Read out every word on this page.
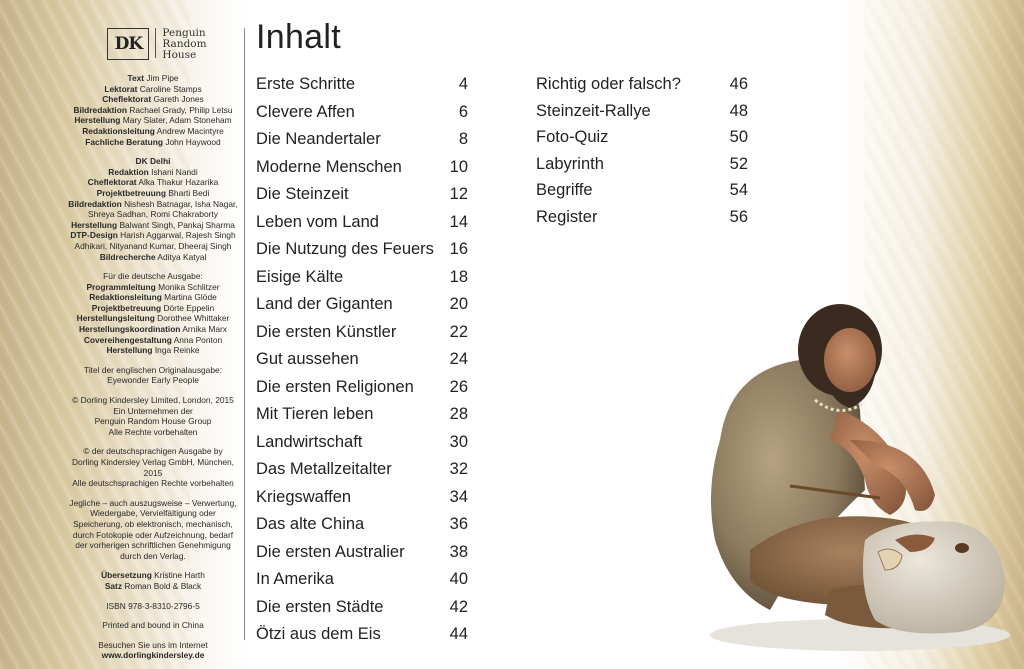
DK
Penguin
Random
House

Text Jim Pipe

Lektorat Caroline Stamps

Cheflektorat Gareth Jones

Bildredaktion Rachael Grady, Philip Letsu

Herstellung Mary Slater, Adam Stoneham

Redaktionsleitung Andrew Macintyre

Fachliche Beratung John Haywood

DK Delhi

Redaktion Ishani Nandi

Cheflektorat Alka Thakur Hazarika

Projektbetreuung Bharti Bedi

Bildredaktion Nishesh Batnagar, Isha Nagar, Shreya Sadhan, Romi Chakraborty

Herstellung Balwant Singh, Pankaj Sharma

DTP-Design Harish Aggarwal, Rajesh Singh Adhikari, Nityanand Kumar, Dheeraj Singh

Bildrecherche Aditya Katyal

Für die deutsche Ausgabe:

Programmleitung Monika Schlitzer

Redaktionsleitung Martina Glöde

Projektbetreuung Dörte Eppelin

Herstellungsleitung Dorothee Whittaker

Herstellungskoordination Arnika Marx

Covereihengestaltung Anna Ponton

Herstellung Inga Reinke

Titel der englischen Originalausgabe:

Eyewonder Early People

© Dorling Kindersley Limited, London, 2015

Ein Unternehmen der

Penguin Random House Group

Alle Rechte vorbehalten

© der deutschsprachigen Ausgabe by

Dorling Kindersley Verlag GmbH, München, 2015

Alle deutschsprachigen Rechte vorbehalten

Jegliche – auch auszugsweise – Verwertung, Wiedergabe, Vervielfältigung oder Speicherung, ob elektronisch, mechanisch, durch Fotokopie oder Aufzeichnung, bedarf der vorherigen schriftlichen Genehmigung durch den Verlag.

Übersetzung Kristine Harth

Satz Roman Bold & Black

ISBN 978-3-8310-2796-5

Printed and bound in China

Besuchen Sie uns im Internet

www.dorlingkindersley.de

Inhalt
Erste Schritte	4
Clevere Affen	6
Die Neandertaler	8
Moderne Menschen	10
Die Steinzeit	12
Leben vom Land	14
Die Nutzung des Feuers 16
Eisige Kälte	18
Land der Giganten	20
Die ersten Künstler	22
Gut aussehen	24
Die ersten Religionen	26
Mit Tieren leben	28
Landwirtschaft	30
Das Metallzeitalter	32
Kriegswaffen	34
Das alte China	36
Die ersten Australier	38
In Amerika	40
Die ersten Städte	42
Ötzi aus dem Eis	44
Richtig oder falsch?	46
Steinzeit-Rallye	48
Foto-Quiz	50
Labyrinth	52
Begriffe	54
Register	56
